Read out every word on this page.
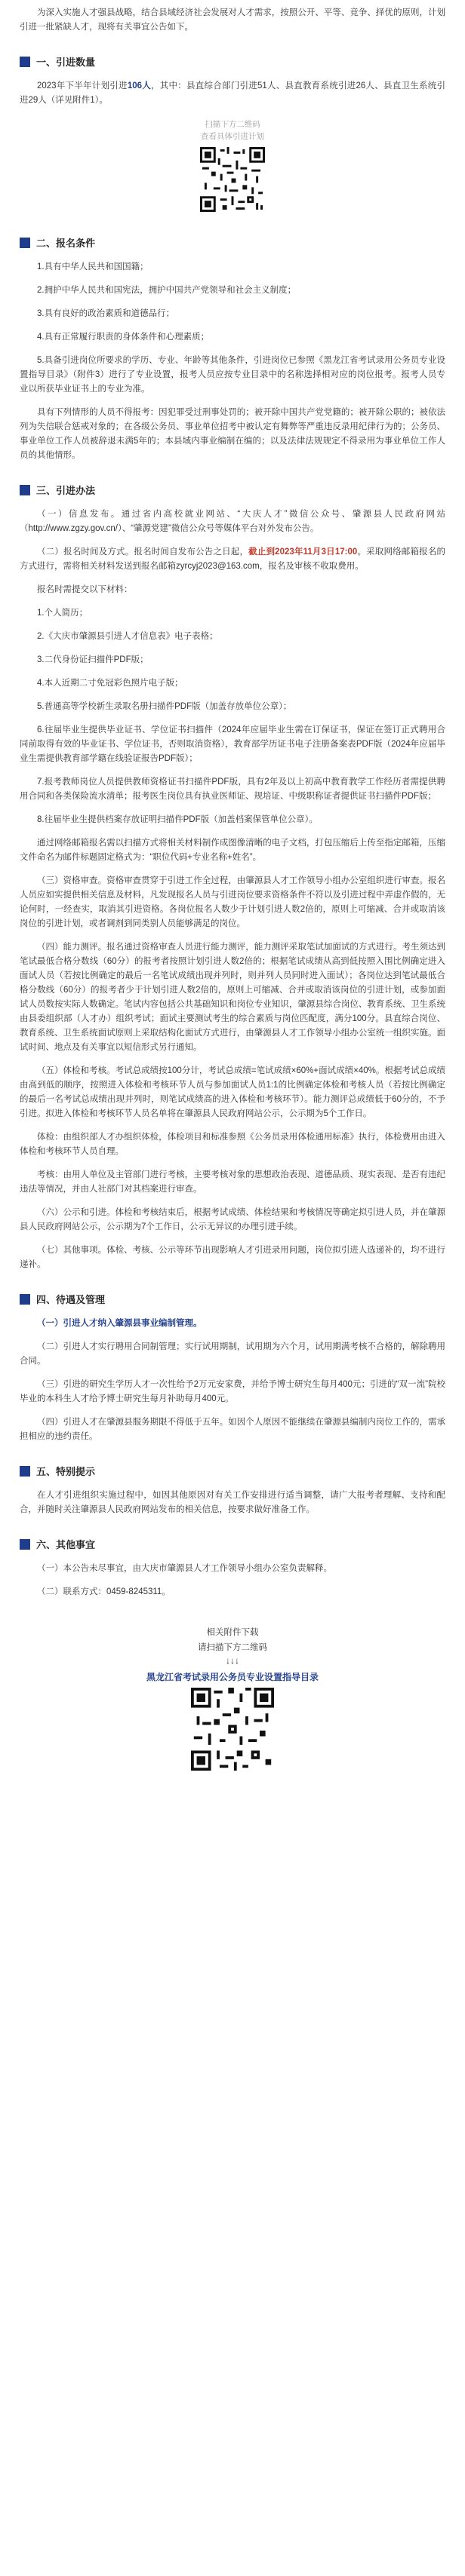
为深入实施人才强县战略，结合县域经济社会发展对人才需求，按照公开、平等、竞争、择优的原则，计划引进一批紧缺人才，现将有关事宜公告如下。

一、引进数量

2023年下半年计划引进106人，其中：县直综合部门引进51人、县直教育系统引进26人、县直卫生系统引进29人（详见附件1）。

扫描下方二维码
查看具体引进计划
二、报名条件

1.具有中华人民共和国国籍；

2.拥护中华人民共和国宪法，拥护中国共产党领导和社会主义制度；

3.具有良好的政治素质和道德品行；

4.具有正常履行职责的身体条件和心理素质；

5.具备引进岗位所要求的学历、专业、年龄等其他条件，引进岗位已参照《黑龙江省考试录用公务员专业设置指导目录》（附件3）进行了专业设置，报考人员应按专业目录中的名称选择相对应的岗位报考。报考人员专业以所获毕业证书上的专业为准。

具有下列情形的人员不得报考：因犯罪受过刑事处罚的；被开除中国共产党党籍的；被开除公职的；被依法列为失信联合惩戒对象的；在各级公务员、事业单位招考中被认定有舞弊等严重违反录用纪律行为的；公务员、事业单位工作人员被辞退未满5年的；本县域内事业编制在编的；以及法律法规规定不得录用为事业单位工作人员的其他情形。

三、引进办法

（一）信息发布。通过省内高校就业网站、“大庆人才”微信公众号、肇源县人民政府网站（http://www.zgzy.gov.cn/）、“肇源党建”微信公众号等媒体平台对外发布公告。

（二）报名时间及方式。报名时间自发布公告之日起，截止到2023年11月3日17:00。采取网络邮箱报名的方式进行，需将相关材料发送到报名邮箱zyrcyj2023@163.com，报名及审核不收取费用。

报名时需提交以下材料：

1.个人简历；

2.《大庆市肇源县引进人才信息表》电子表格；

3.二代身份证扫描件PDF版；

4.本人近期二寸免冠彩色照片电子版；

5.普通高等学校新生录取名册扫描件PDF版（加盖存放单位公章）；

6.往届毕业生提供毕业证书、学位证书扫描件（2024年应届毕业生需在订保证书，保证在签订正式聘用合同前取得有效的毕业证书、学位证书，否则取消资格），教育部学历证书电子注册备案表PDF版（2024年应届毕业生需提供教育部学籍在线验证报告PDF版）；

7.报考教师岗位人员提供教师资格证书扫描件PDF版，具有2年及以上初高中教育教学工作经历者需提供聘用合同和各类保险流水清单；报考医生岗位具有执业医师证、规培证、中级职称证者提供证书扫描件PDF版；

8.往届毕业生提供档案存放证明扫描件PDF版（加盖档案保管单位公章）。

通过网络邮箱报名需以扫描方式将相关材料制作成图像清晰的电子文档，打包压缩后上传至指定邮箱，压缩文件命名为邮件标题固定格式为：“职位代码+专业名称+姓名”。

（三）资格审查。资格审查贯穿于引进工作全过程，由肇源县人才工作领导小组办公室组织进行审查。报名人员应如实提供相关信息及材料，凡发现报名人员与引进岗位要求资格条件不符以及引进过程中弄虚作假的，无论何时，一经查实，取消其引进资格。各岗位报名人数少于计划引进人数2倍的，原则上可缩减、合并或取消该岗位的引进计划，或者调剂到同类别人员能够满足的岗位。

（四）能力测评。报名通过资格审查人员进行能力测评，能力测评采取笔试加面试的方式进行。考生须达到笔试最低合格分数线（60分）的报考者按照计划引进人数2倍的；根据笔试成绩从高到低按照入围比例确定进入面试人员（若按比例确定的最后一名笔试成绩出现并列时，则并列人员同时进入面试）；各岗位达到笔试最低合格分数线（60分）的报考者少于计划引进人数2倍的，原则上可缩减、合并或取消该岗位的引进计划，或参加面试人员数按实际人数确定。笔试内容包括公共基础知识和岗位专业知识，肇源县综合岗位、教育系统、卫生系统由县委组织部（人才办）组织考试；面试主要测试考生的综合素质与岗位匹配度，满分100分。县直综合岗位、教育系统、卫生系统面试原则上采取结构化面试方式进行，由肇源县人才工作领导小组办公室统一组织实施。面试时间、地点及有关事宜以短信形式另行通知。

（五）体检和考核。考试总成绩按100分计，考试总成绩=笔试成绩×60%+面试成绩×40%。根据考试总成绩由高到低的顺序，按照进入体检和考核环节人员与参加面试人员1:1的比例确定体检和考核人员（若按比例确定的最后一名考试总成绩出现并列时，则笔试成绩高的进入体检和考核环节）。能力测评总成绩低于60分的，不予引进。拟进入体检和考核环节人员名单将在肇源县人民政府网站公示，公示期为5个工作日。

体检：由组织部人才办组织体检，体检项目和标准参照《公务员录用体检通用标准》执行，体检费用由进入体检和考核环节人员自理。

考核：由用人单位及主管部门进行考核，主要考核对象的思想政治表现、道德品质、现实表现、是否有违纪违法等情况，并由人社部门对其档案进行审查。

（六）公示和引进。体检和考核结束后，根据考试成绩、体检结果和考核情况等确定拟引进人员，并在肇源县人民政府网站公示，公示期为7个工作日，公示无异议的办理引进手续。

（七）其他事项。体检、考核、公示等环节出现影响人才引进录用问题，岗位拟引进人选递补的，均不进行递补。

四、待遇及管理

（一）引进人才纳入肇源县事业编制管理。

（二）引进人才实行聘用合同制管理；实行试用期制，试用期为六个月，试用期满考核不合格的，解除聘用合同。

（三）引进的研究生学历人才一次性给予2万元安家费，并给予博士研究生每月400元；引进的“双一流”院校毕业的本科生人才给予博士研究生每月补助每月400元。

（四）引进人才在肇源县服务期限不得低于五年。如因个人原因不能继续在肇源县编制内岗位工作的，需承担相应的违约责任。

五、特别提示

在人才引进组织实施过程中，如因其他原因对有关工作安排进行适当调整，请广大报考者理解、支持和配合，并随时关注肇源县人民政府网站发布的相关信息，按要求做好准备工作。

六、其他事宜

（一）本公告未尽事宜，由大庆市肇源县人才工作领导小组办公室负责解释。

（二）联系方式：0459-8245311。

相关附件下载
请扫描下方二维码
↓↓↓
黑龙江省考试录用公务员专业设置指导目录
